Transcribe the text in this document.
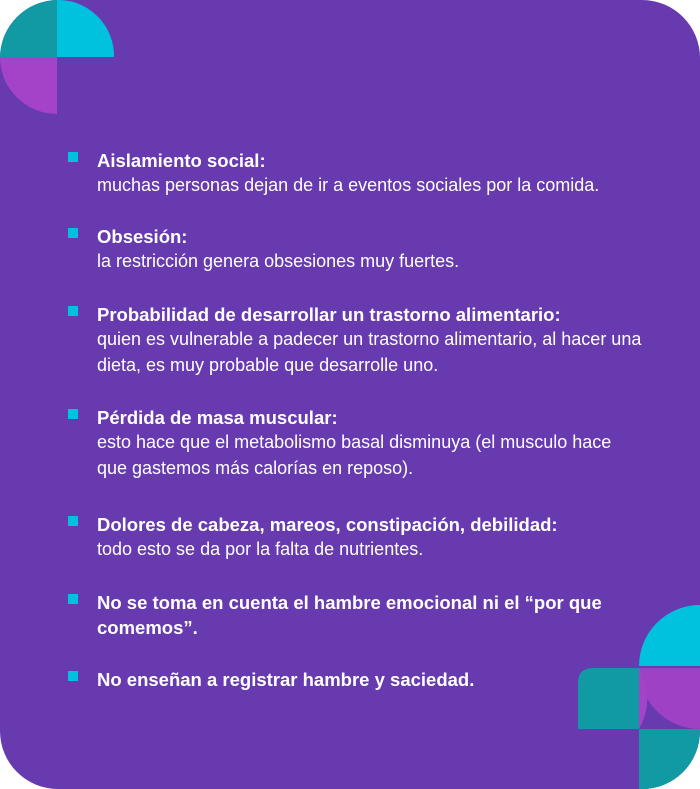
Aislamiento social:
muchas personas dejan de ir a eventos sociales por la comida.
Obsesión:
la restricción genera obsesiones muy fuertes.
Probabilidad de desarrollar un trastorno alimentario:
quien es vulnerable a padecer un trastorno alimentario, al hacer una dieta, es muy probable que desarrolle uno.
Pérdida de masa muscular:
esto hace que el metabolismo basal disminuya (el musculo hace que gastemos más calorías en reposo).
Dolores de cabeza, mareos, constipación, debilidad:
todo esto se da por la falta de nutrientes.
No se toma en cuenta el hambre emocional ni el “por que comemos”.
No enseñan a registrar hambre y saciedad.
